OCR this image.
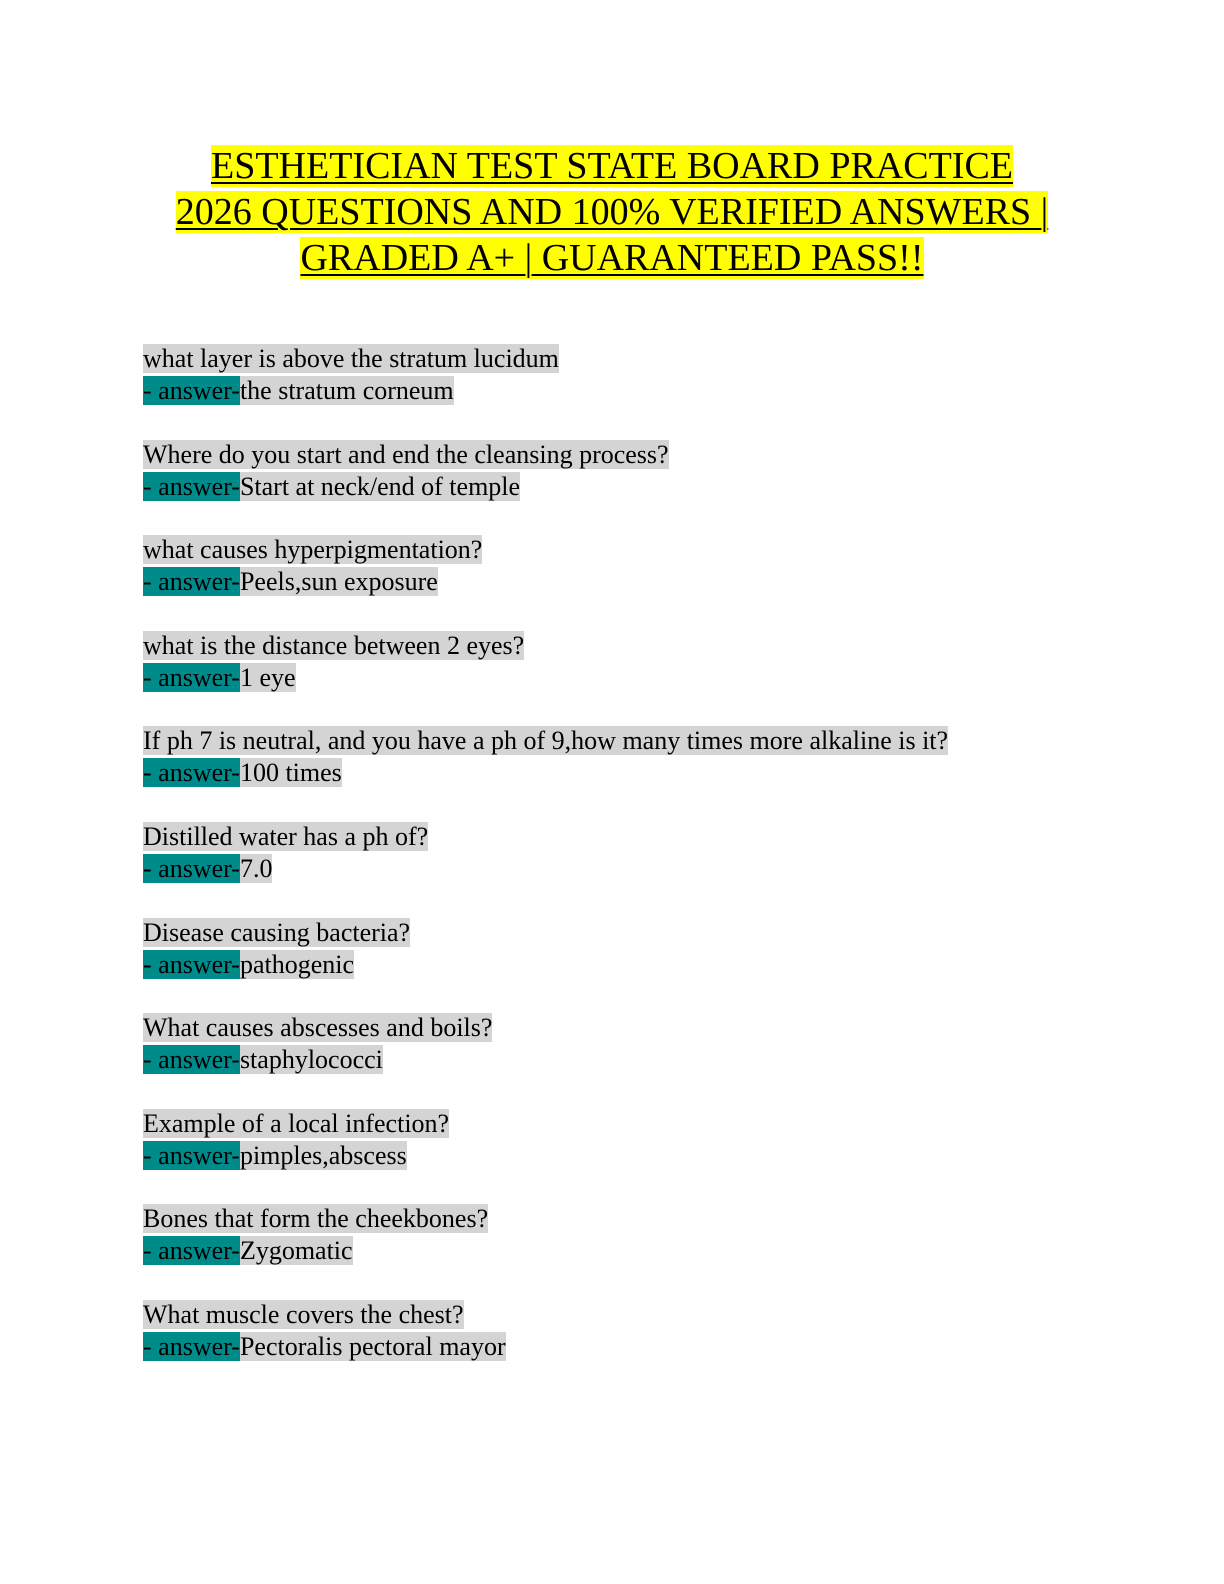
ESTHETICIAN TEST STATE BOARD PRACTICE
2026 QUESTIONS AND 100% VERIFIED ANSWERS |
GRADED A+ | GUARANTEED PASS!!
what layer is above the stratum lucidum
- answer-the stratum corneum
Where do you start and end the cleansing process?
- answer-Start at neck/end of temple
what causes hyperpigmentation?
- answer-Peels,sun exposure
what is the distance between 2 eyes?
- answer-1 eye
If ph 7 is neutral, and you have a ph of 9,how many times more alkaline is it?
- answer-100 times
Distilled water has a ph of?
- answer-7.0
Disease causing bacteria?
- answer-pathogenic
What causes abscesses and boils?
- answer-staphylococci
Example of a local infection?
- answer-pimples,abscess
Bones that form the cheekbones?
- answer-Zygomatic
What muscle covers the chest?
- answer-Pectoralis pectoral mayor
